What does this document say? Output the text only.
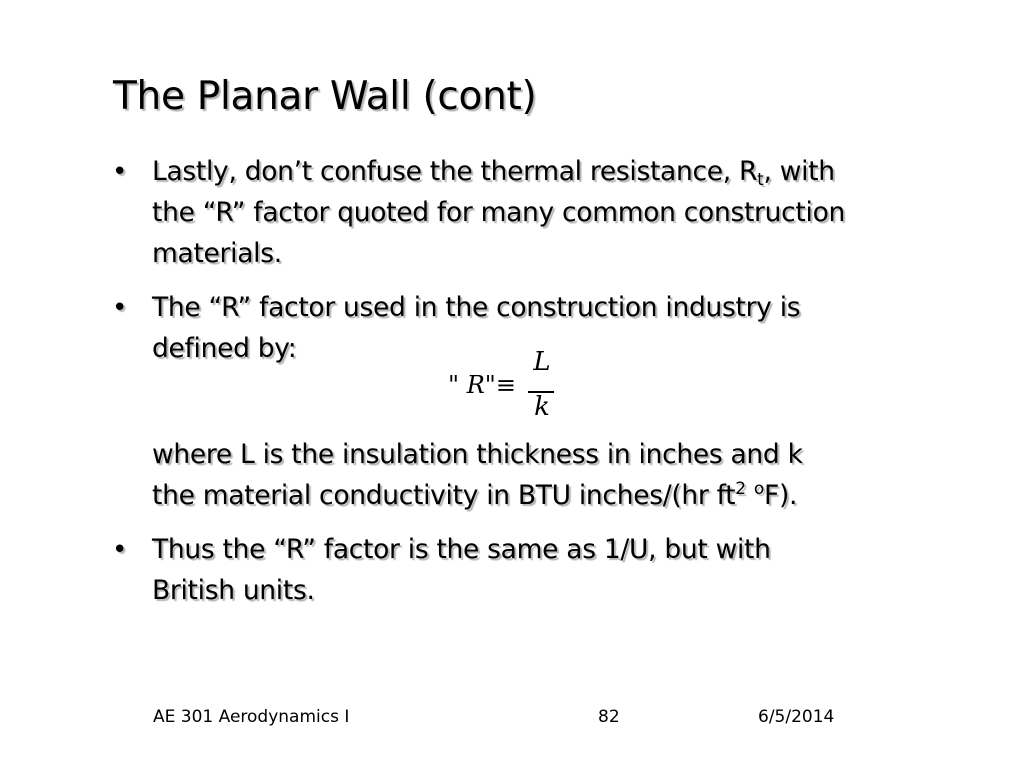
The Planar Wall (cont)
• Lastly, don’t confuse the thermal resistance, $R_t$, with
the “R” factor quoted for many common construction
materials.
• The “R” factor used in the construction industry is
defined by:
" R"≡
L
k
where L is the insulation thickness in inches and k
the material conductivity in BTU inches/(hr $ft^2$ $^o$F).
• Thus the “R” factor is the same as 1/U, but with
British units.
AE 301 Aerodynamics I	82	6/5/2014
